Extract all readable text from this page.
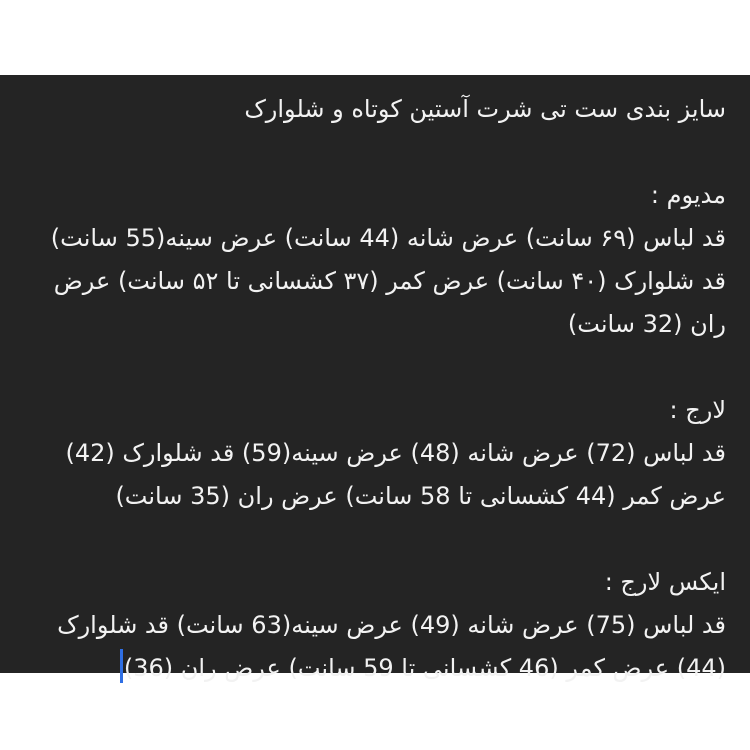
سایز بندی ست تی شرت آستین کوتاه و شلوارک
مدیوم :
قد لباس (۶۹ سانت) عرض شانه (44 سانت) عرض سینه(55 سانت)
قد شلوارک (۴۰ سانت) عرض کمر (۳۷ کشسانی تا ۵۲ سانت) عرض
ران (32 سانت)
لارج :
قد لباس (72) عرض شانه (48) عرض سینه(59) قد شلوارک (42)
عرض کمر (44 کشسانی تا 58 سانت) عرض ران (35 سانت)
ایکس لارج :
قد لباس (75) عرض شانه (49) عرض سینه(63 سانت) قد شلوارک
(44) عرض کمر (46 کشسانی تا 59 سانت) عرض ران (36)
